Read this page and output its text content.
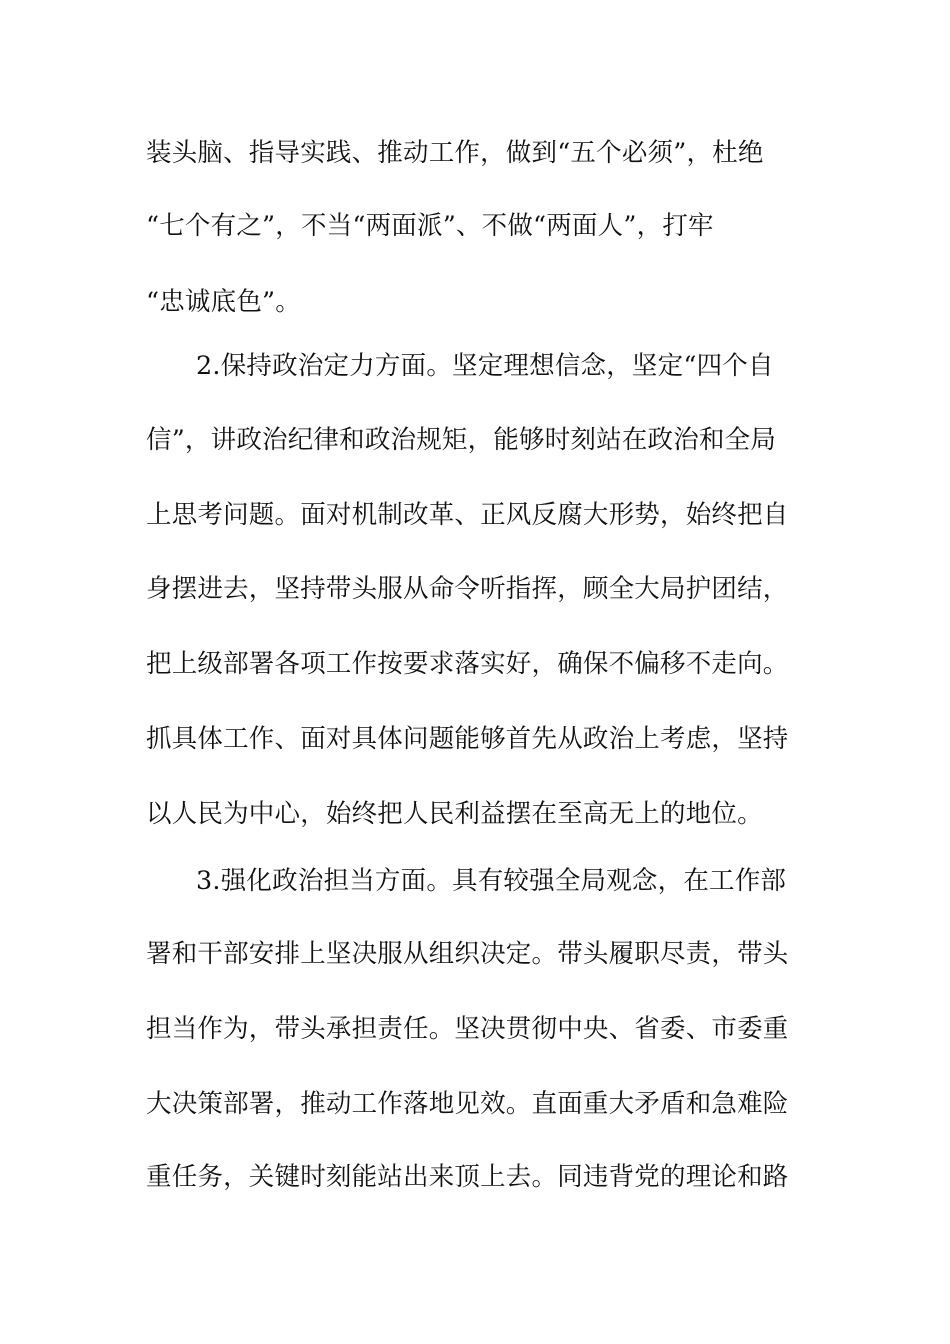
装头脑、指导实践、推动工作，做到“五个必须”，杜绝
“七个有之”，不当“两面派”、不做“两面人”，打牢
“忠诚底色”。
2.保持政治定力方面。坚定理想信念，坚定“四个自
信”，讲政治纪律和政治规矩，能够时刻站在政治和全局
上思考问题。面对机制改革、正风反腐大形势，始终把自
身摆进去，坚持带头服从命令听指挥，顾全大局护团结，
把上级部署各项工作按要求落实好，确保不偏移不走向。
抓具体工作、面对具体问题能够首先从政治上考虑，坚持
以人民为中心，始终把人民利益摆在至高无上的地位。
3.强化政治担当方面。具有较强全局观念，在工作部
署和干部安排上坚决服从组织决定。带头履职尽责，带头
担当作为，带头承担责任。坚决贯彻中央、省委、市委重
大决策部署，推动工作落地见效。直面重大矛盾和急难险
重任务，关键时刻能站出来顶上去。同违背党的理论和路
